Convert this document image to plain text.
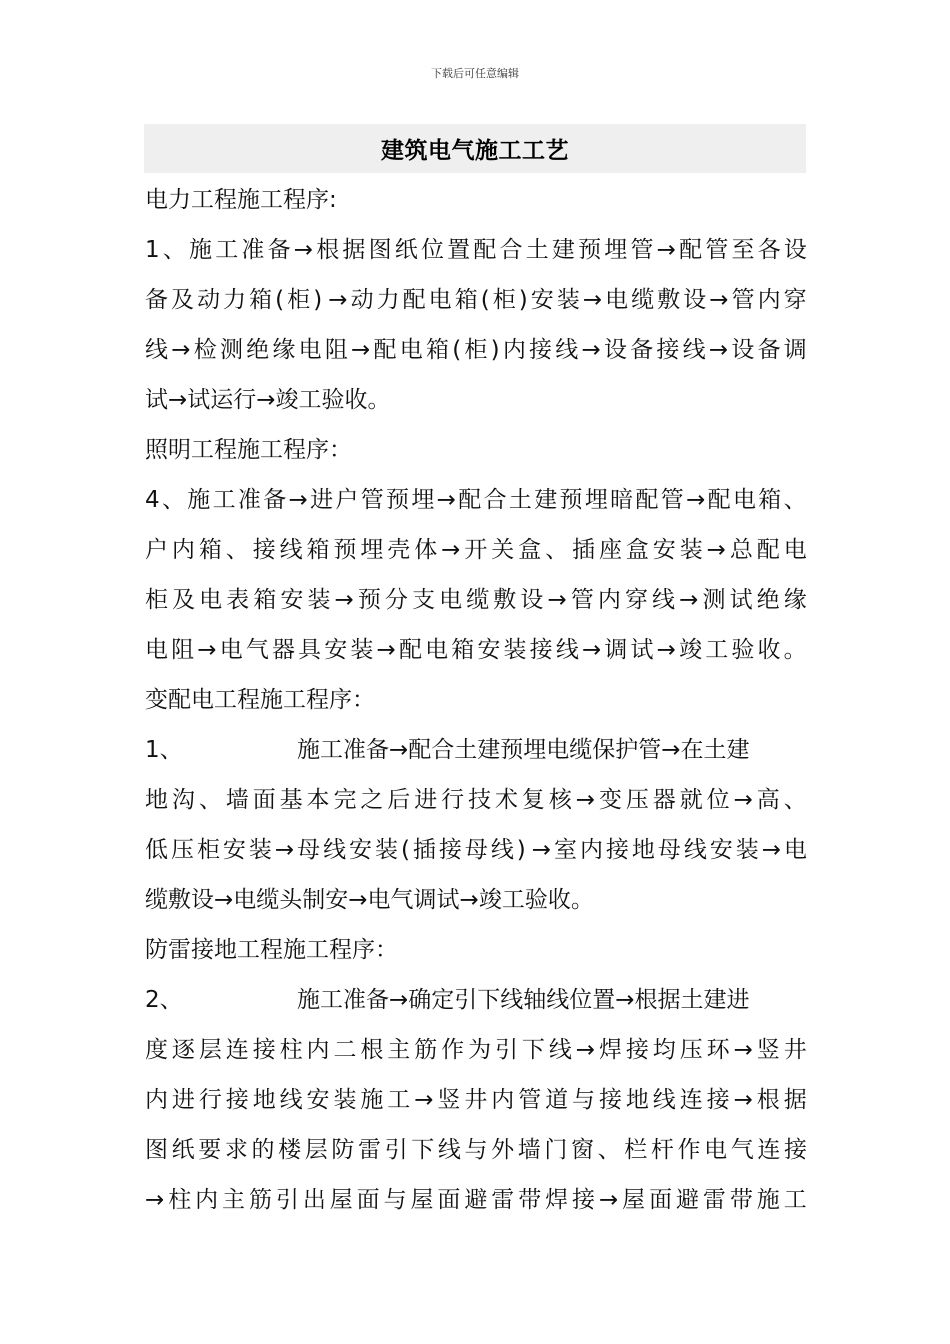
下载后可任意编辑
建筑电气施工工艺
电力工程施工程序:
1 、 施 工 准 备 → 根 据 图 纸 位 置 配 合 土 建 预 埋 管 → 配 管 至 各 设
备 及 动 力 箱 ( 柜 ) → 动 力 配 电 箱 ( 柜 ) 安 装 → 电 缆 敷 设 → 管 内 穿
线 → 检 测 绝 缘 电 阻 → 配 电 箱 ( 柜 ) 内 接 线 → 设 备 接 线 → 设 备 调
试→试运行→竣工验收。
照明工程施工程序：
4 、 施 工 准 备 → 进 户 管 预 埋 → 配 合 土 建 预 埋 暗 配 管 → 配 电 箱 、
户 内 箱 、 接 线 箱 预 埋 壳 体 → 开 关 盒 、 插 座 盒 安 装 → 总 配 电
柜 及 电 表 箱 安 装 → 预 分 支 电 缆 敷 设 → 管 内 穿 线 → 测 试 绝 缘
电 阻 → 电 气 器 具 安 装 → 配 电 箱 安 装 接 线 → 调 试 → 竣 工 验 收 。
变配电工程施工程序：
1、	施工准备→配合土建预埋电缆保护管→在土建
地 沟 、 墙 面 基 本 完 之 后 进 行 技 术 复 核 → 变 压 器 就 位 → 高 、
低 压 柜 安 装 → 母 线 安 装 ( 插 接 母 线 ) → 室 内 接 地 母 线 安 装 → 电
缆敷设→电缆头制安→电气调试→竣工验收。
防雷接地工程施工程序：
2、	施工准备→确定引下线轴线位置→根据土建进
度 逐 层 连 接 柱 内 二 根 主 筋 作 为 引 下 线 → 焊 接 均 压 环 → 竖 井
内 进 行 接 地 线 安 装 施 工 → 竖 井 内 管 道 与 接 地 线 连 接 → 根 据
图 纸 要 求 的 楼 层 防 雷 引 下 线 与 外 墙 门 窗 、 栏 杆 作 电 气 连 接
→ 柱 内 主 筋 引 出 屋 面 与 屋 面 避 雷 带 焊 接 → 屋 面 避 雷 带 施 工
